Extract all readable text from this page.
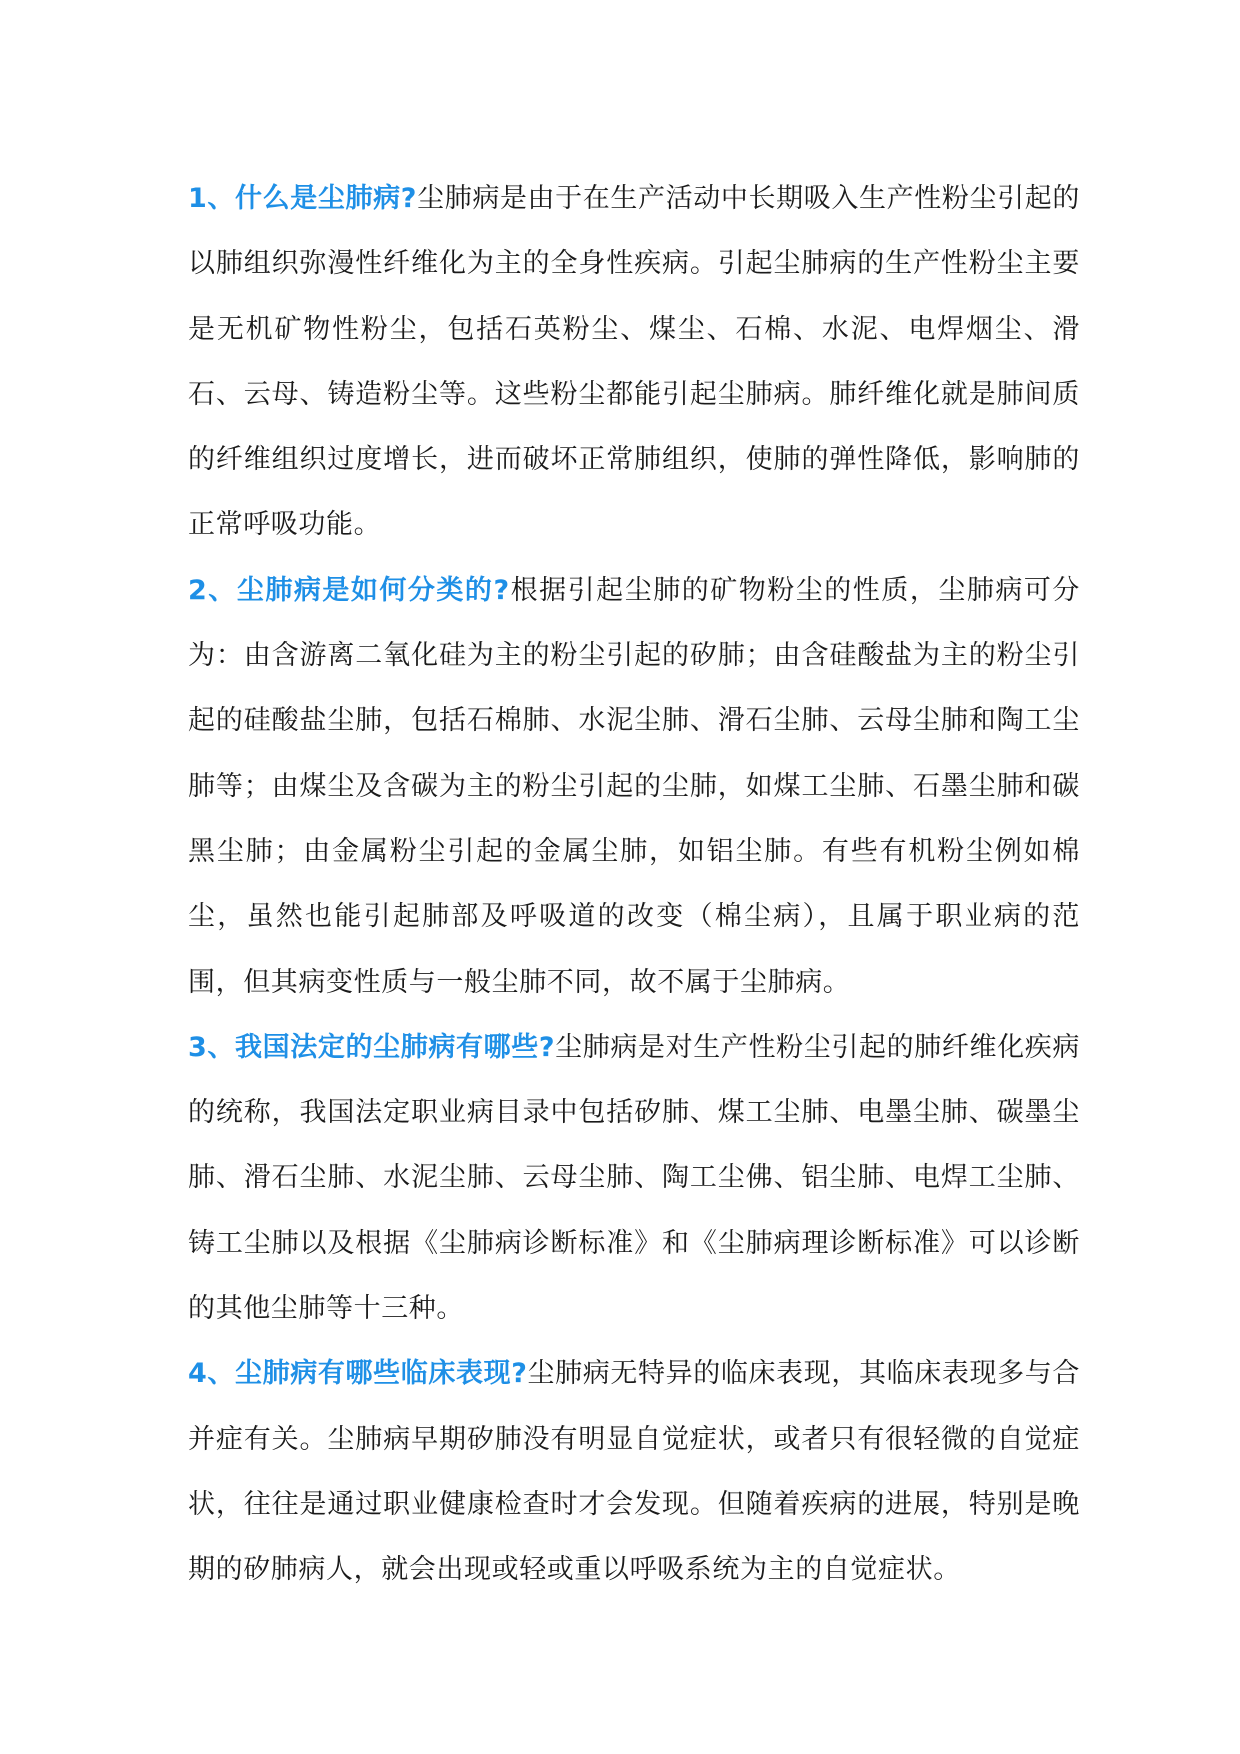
1、什么是尘肺病?尘肺病是由于在生产活动中长期吸入生产性粉尘引起的以肺组织弥漫性纤维化为主的全身性疾病。引起尘肺病的生产性粉尘主要是无机矿物性粉尘，包括石英粉尘、煤尘、石棉、水泥、电焊烟尘、滑石、云母、铸造粉尘等。这些粉尘都能引起尘肺病。肺纤维化就是肺间质的纤维组织过度增长，进而破坏正常肺组织，使肺的弹性降低，影响肺的正常呼吸功能。

2、尘肺病是如何分类的?根据引起尘肺的矿物粉尘的性质，尘肺病可分为：由含游离二氧化硅为主的粉尘引起的矽肺；由含硅酸盐为主的粉尘引起的硅酸盐尘肺，包括石棉肺、水泥尘肺、滑石尘肺、云母尘肺和陶工尘肺等；由煤尘及含碳为主的粉尘引起的尘肺，如煤工尘肺、石墨尘肺和碳黑尘肺；由金属粉尘引起的金属尘肺，如铝尘肺。有些有机粉尘例如棉尘，虽然也能引起肺部及呼吸道的改变（棉尘病），且属于职业病的范围，但其病变性质与一般尘肺不同，故不属于尘肺病。

3、我国法定的尘肺病有哪些?尘肺病是对生产性粉尘引起的肺纤维化疾病的统称，我国法定职业病目录中包括矽肺、煤工尘肺、电墨尘肺、碳墨尘肺、滑石尘肺、水泥尘肺、云母尘肺、陶工尘佛、铝尘肺、电焊工尘肺、铸工尘肺以及根据《尘肺病诊断标准》和《尘肺病理诊断标准》可以诊断的其他尘肺等十三种。

4、尘肺病有哪些临床表现?尘肺病无特异的临床表现，其临床表现多与合并症有关。尘肺病早期矽肺没有明显自觉症状，或者只有很轻微的自觉症状，往往是通过职业健康检查时才会发现。但随着疾病的进展，特别是晚期的矽肺病人，就会出现或轻或重以呼吸系统为主的自觉症状。
